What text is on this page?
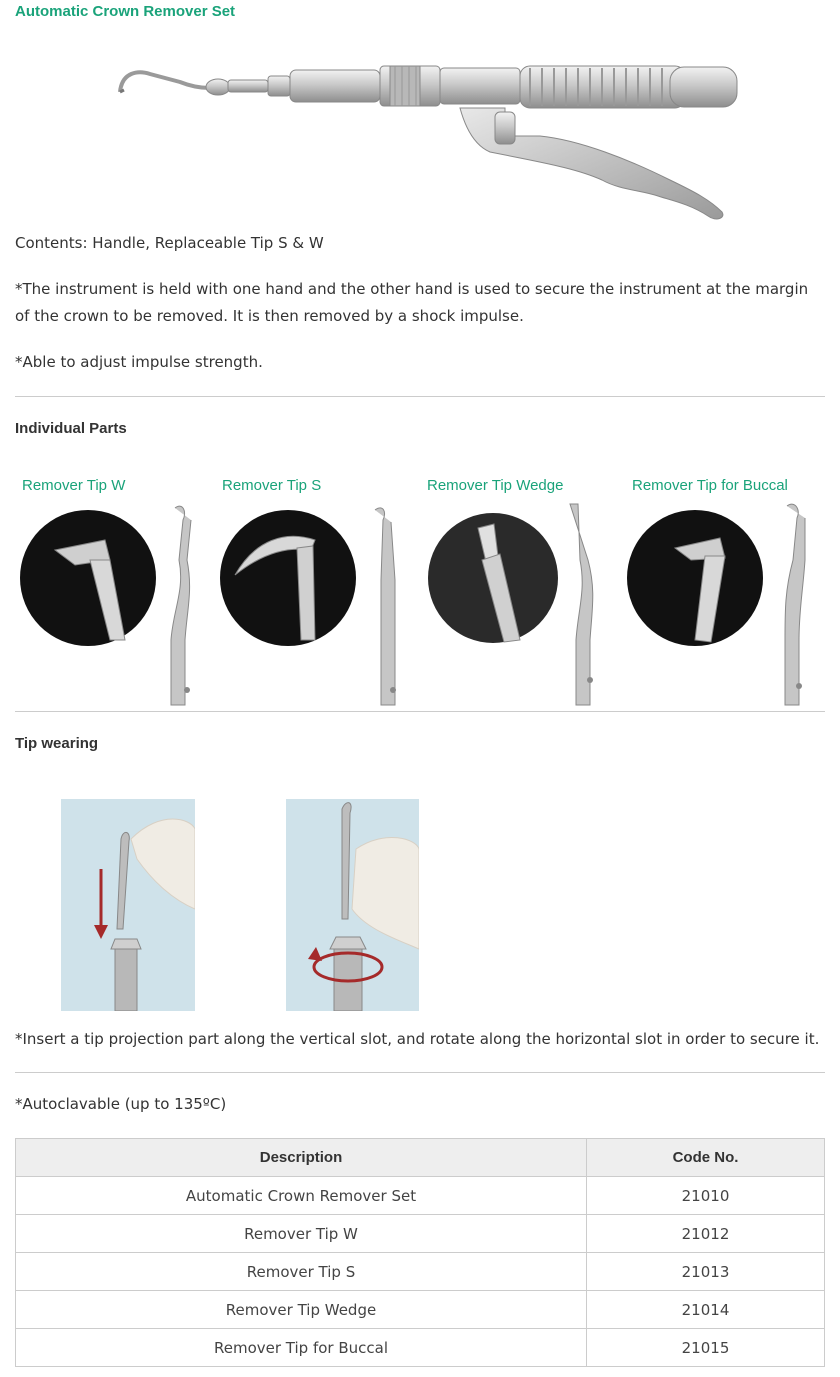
Automatic Crown Remover Set

Contents: Handle, Replaceable Tip S & W

*The instrument is held with one hand and the other hand is used to secure the instrument at the margin of the crown to be removed. It is then removed by a shock impulse.

*Able to adjust impulse strength.

Individual Parts
Remover Tip W	Remover Tip S	Remover Tip Wedge	Remover Tip for Buccal
Tip wearing

*Insert a tip projection part along the vertical slot, and rotate along the horizontal slot in order to secure it.

*Autoclavable (up to 135ºC)

Description	Code No.
Automatic Crown Remover Set	21010
Remover Tip W	21012
Remover Tip S	21013
Remover Tip Wedge	21014
Remover Tip for Buccal	21015
